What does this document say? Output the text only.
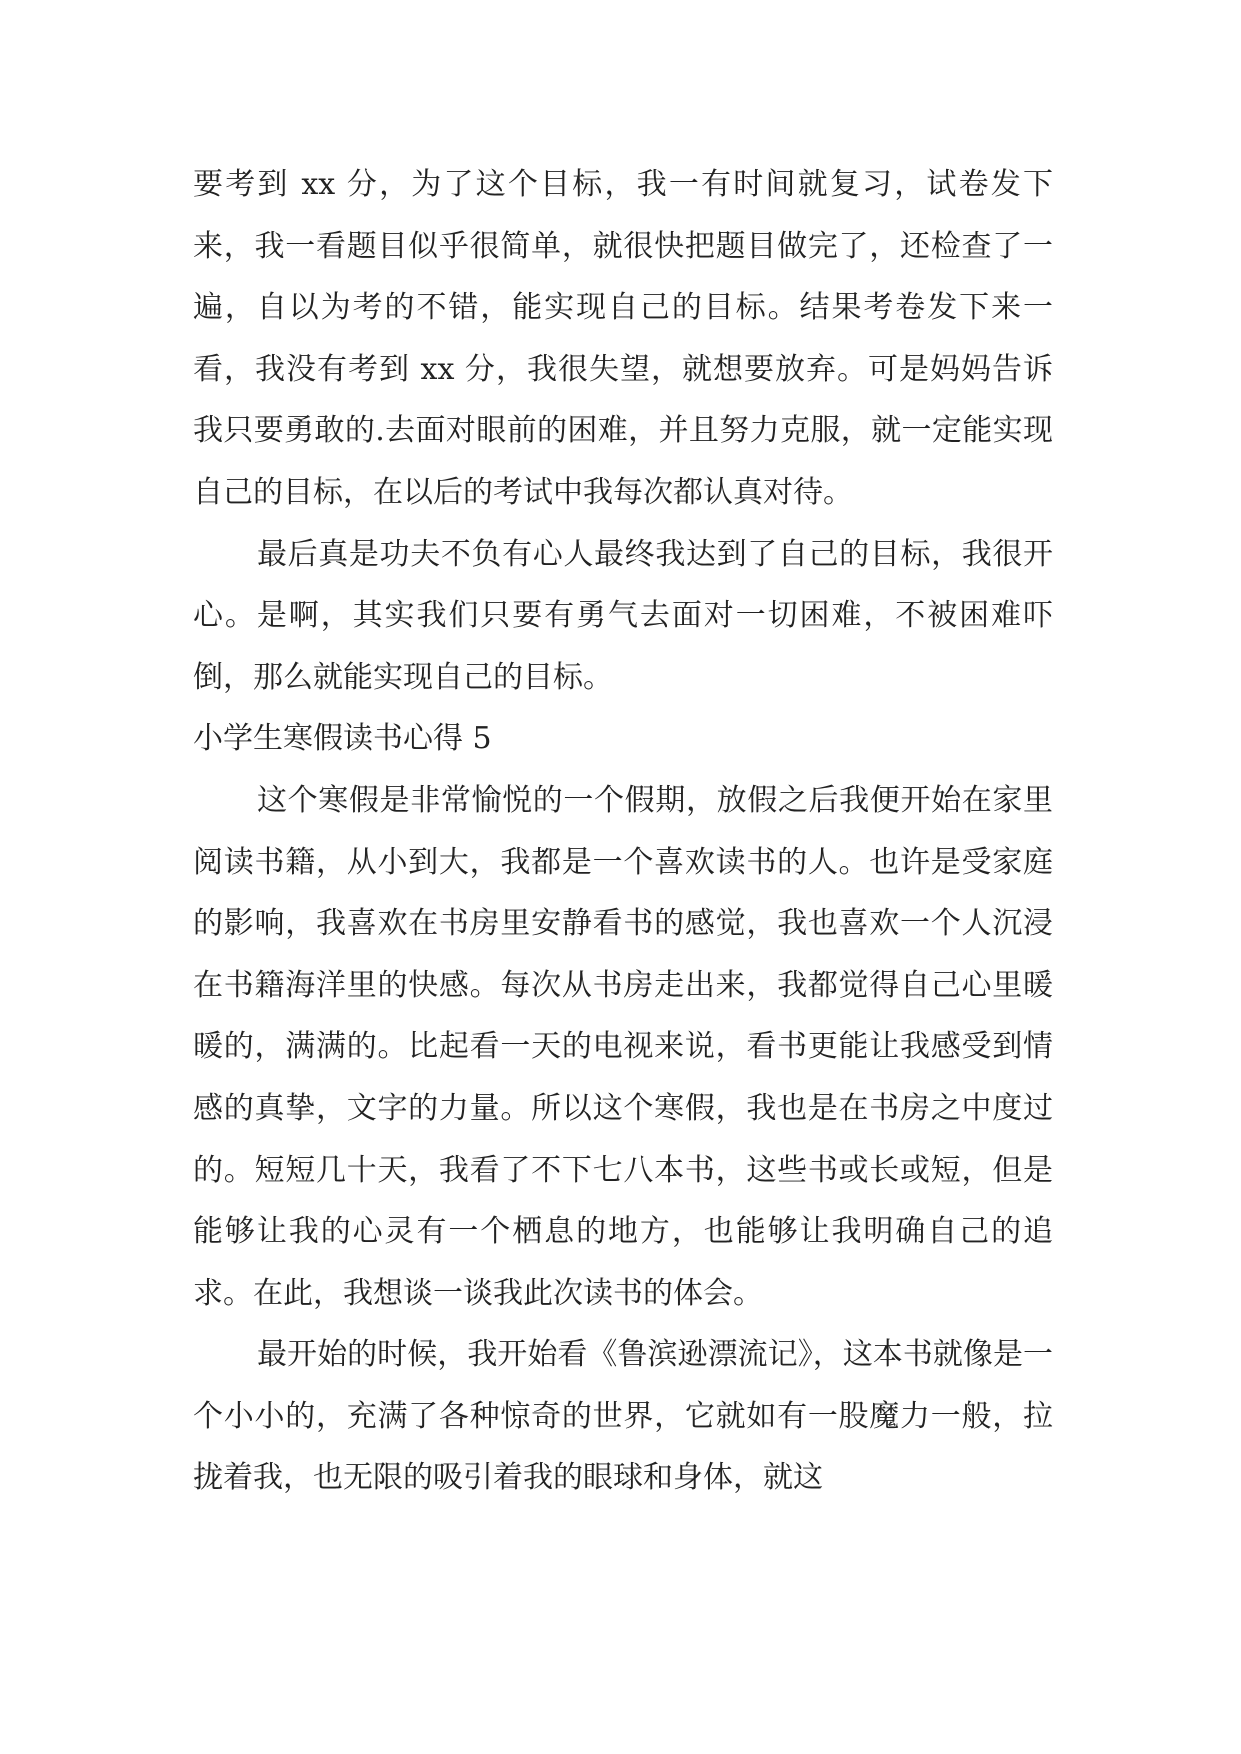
要考到 xx 分，为了这个目标，我一有时间就复习，试卷发下来，我一看题目似乎很简单，就很快把题目做完了，还检查了一遍，自以为考的不错，能实现自己的目标。结果考卷发下来一看，我没有考到 xx 分，我很失望，就想要放弃。可是妈妈告诉我只要勇敢的.去面对眼前的困难，并且努力克服，就一定能实现自己的目标，在以后的考试中我每次都认真对待。

最后真是功夫不负有心人最终我达到了自己的目标，我很开心。是啊，其实我们只要有勇气去面对一切困难，不被困难吓倒，那么就能实现自己的目标。

小学生寒假读书心得 5

这个寒假是非常愉悦的一个假期，放假之后我便开始在家里阅读书籍，从小到大，我都是一个喜欢读书的人。也许是受家庭的影响，我喜欢在书房里安静看书的感觉，我也喜欢一个人沉浸在书籍海洋里的快感。每次从书房走出来，我都觉得自己心里暖暖的，满满的。比起看一天的电视来说，看书更能让我感受到情感的真挚，文字的力量。所以这个寒假，我也是在书房之中度过的。短短几十天，我看了不下七八本书，这些书或长或短，但是能够让我的心灵有一个栖息的地方，也能够让我明确自己的追求。在此，我想谈一谈我此次读书的体会。

最开始的时候，我开始看《鲁滨逊漂流记》，这本书就像是一个小小的，充满了各种惊奇的世界，它就如有一股魔力一般，拉拢着我，也无限的吸引着我的眼球和身体，就这
